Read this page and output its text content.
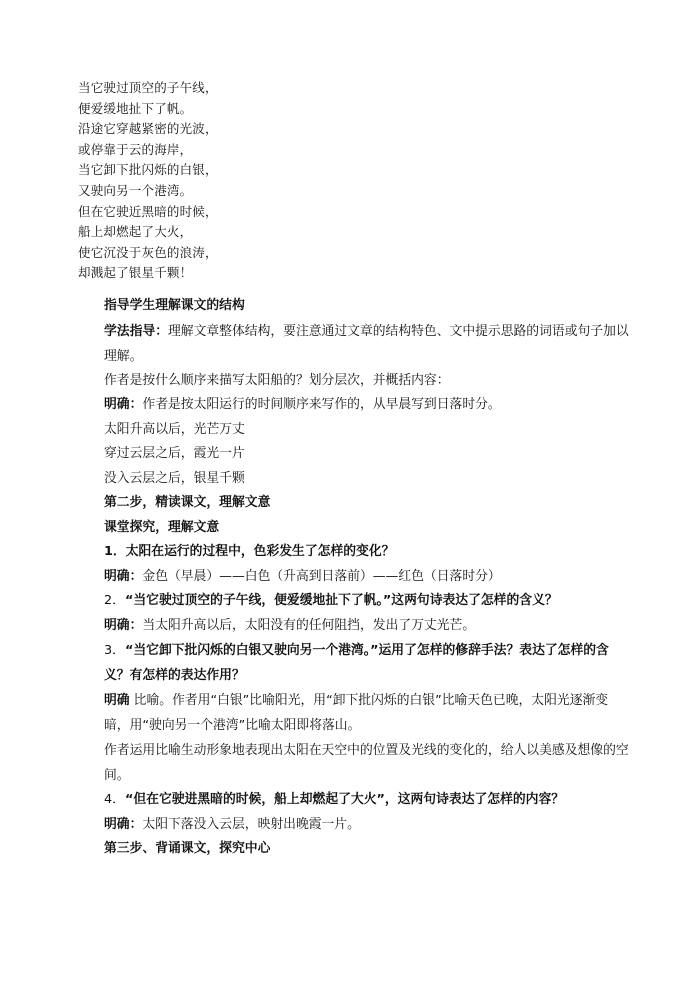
当它驶过顶空的子午线，
便爱缓地扯下了帆。
沿途它穿越紧密的光波，
或停靠于云的海岸，
当它卸下批闪烁的白银，
又驶向另一个港湾。
但在它驶近黑暗的时候，
船上却燃起了大火，
使它沉没于灰色的浪涛，
却溅起了银星千颗！

指导学生理解课文的结构

学法指导：理解文章整体结构，要注意通过文章的结构特色、文中提示思路的词语或句子加以理解。

作者是按什么顺序来描写太阳船的？划分层次，并概括内容：

明确：作者是按太阳运行的时间顺序来写作的，从早晨写到日落时分。

太阳升高以后，光芒万丈

穿过云层之后，霞光一片

没入云层之后，银星千颗

第二步，精读课文，理解文意

课堂探究，理解文意

1．太阳在运行的过程中，色彩发生了怎样的变化？

明确：金色（早晨）——白色（升高到日落前）——红色（日落时分）

2．“当它驶过顶空的子午线，便爱缓地扯下了帆。”这两句诗表达了怎样的含义？

明确：当太阳升高以后，太阳没有的任何阻挡，发出了万丈光芒。

3．“当它卸下批闪烁的白银又驶向另一个港湾。”运用了怎样的修辞手法？表达了怎样的含义？有怎样的表达作用？

明确 比喻。作者用“白银”比喻阳光，用“卸下批闪烁的白银”比喻天色已晚，太阳光逐渐变暗，用“驶向另一个港湾”比喻太阳即将落山。

作者运用比喻生动形象地表现出太阳在天空中的位置及光线的变化的，给人以美感及想像的空间。

4．“但在它驶进黑暗的时候，船上却燃起了大火”，这两句诗表达了怎样的内容？

明确：太阳下落没入云层，映射出晚霞一片。

第三步、背诵课文，探究中心
